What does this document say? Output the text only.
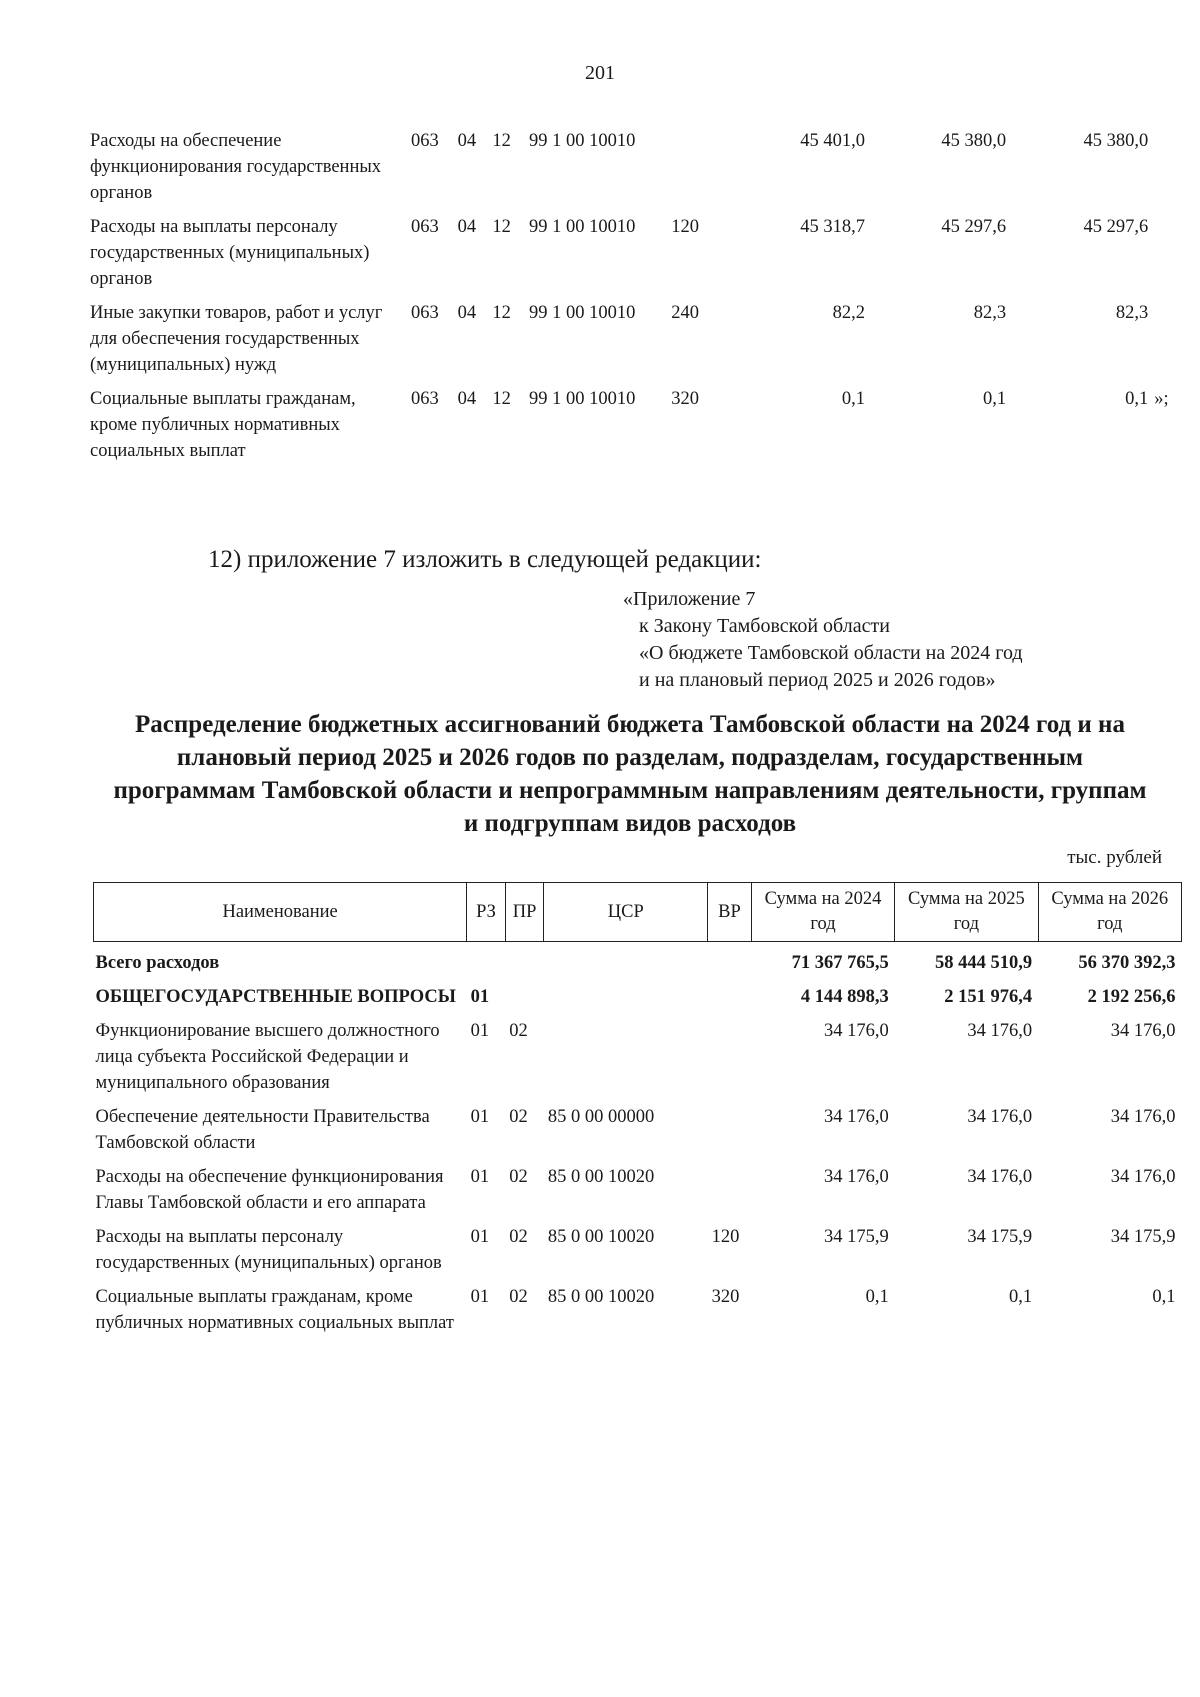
201
Расходы на обеспечение функционирования государственных органов	063	04	12	99 1 00 10010		45 401,0	45 380,0	45 380,0	
Расходы на выплаты персоналу государственных (муниципальных) органов	063	04	12	99 1 00 10010	120	45 318,7	45 297,6	45 297,6	
Иные закупки товаров, работ и услуг для обеспечения государственных (муниципальных) нужд	063	04	12	99 1 00 10010	240	82,2	82,3	82,3	
Социальные выплаты гражданам, кроме публичных нормативных социальных выплат	063	04	12	99 1 00 10010	320	0,1	0,1	0,1	»;
12) приложение 7 изложить в следующей редакции:
«Приложение 7
к Закону Тамбовской области
«О бюджете Тамбовской области на 2024 год
и на плановый период 2025 и 2026 годов»
Распределение бюджетных ассигнований бюджета Тамбовской области на 2024 год и на плановый период 2025 и 2026 годов по разделам, подразделам, государственным программам Тамбовской области и непрограммным направлениям деятельности, группам и подгруппам видов расходов
тыс. рублей
Наименование	РЗ	ПР	ЦСР	ВР	Сумма на 2024 год	Сумма на 2025 год	Сумма на 2026 год
Всего расходов					71 367 765,5	58 444 510,9	56 370 392,3
ОБЩЕГОСУДАРСТВЕННЫЕ ВОПРОСЫ	01				4 144 898,3	2 151 976,4	2 192 256,6
Функционирование высшего должностного лица субъекта Российской Федерации и муниципального образования	01	02			34 176,0	34 176,0	34 176,0
Обеспечение деятельности Правительства Тамбовской области	01	02	85 0 00 00000		34 176,0	34 176,0	34 176,0
Расходы на обеспечение функционирования Главы Тамбовской области и его аппарата	01	02	85 0 00 10020		34 176,0	34 176,0	34 176,0
Расходы на выплаты персоналу государственных (муниципальных) органов	01	02	85 0 00 10020	120	34 175,9	34 175,9	34 175,9
Социальные выплаты гражданам, кроме публичных нормативных социальных выплат	01	02	85 0 00 10020	320	0,1	0,1	0,1
